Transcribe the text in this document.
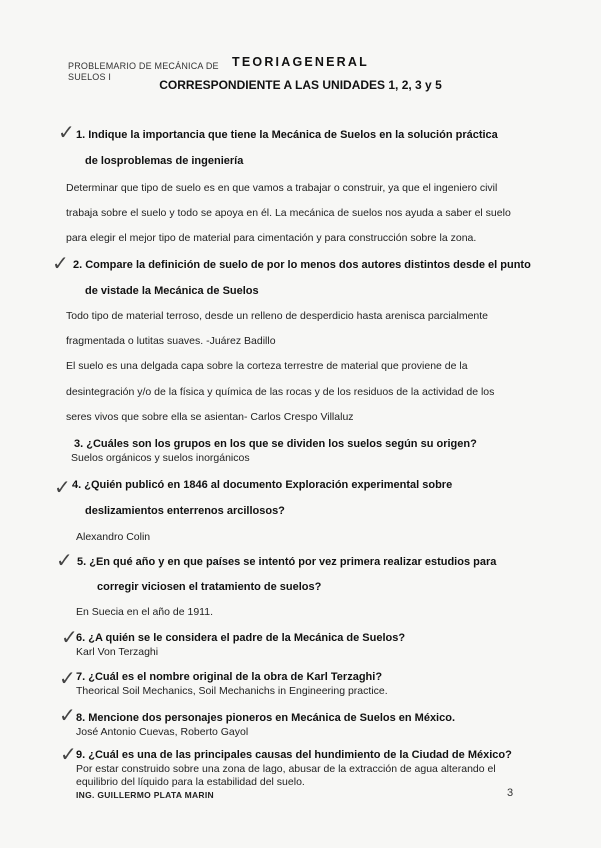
PROBLEMARIO DE MECÁNICA DE
SUELOS I
TEORIAGENERAL
CORRESPONDIENTE A LAS UNIDADES 1, 2, 3 y 5
✓ 1. Indique la importancia que tiene la Mecánica de Suelos en la solución práctica
de losproblemas de ingeniería
Determinar que tipo de suelo es en que vamos a trabajar o construir, ya que el ingeniero civil
trabaja sobre el suelo y todo se apoya en él. La mecánica de suelos nos ayuda a saber el suelo
para elegir el mejor tipo de material para cimentación y para construcción sobre la zona.
✓ 2. Compare la definición de suelo de por lo menos dos autores distintos desde el punto
de vistade la Mecánica de Suelos
Todo tipo de material terroso, desde un relleno de desperdicio hasta arenisca parcialmente
fragmentada o lutitas suaves. -Juárez Badillo
El suelo es una delgada capa sobre la corteza terrestre de material que proviene de la
desintegración y/o de la física y química de las rocas y de los residuos de la actividad de los
seres vivos que sobre ella se asientan- Carlos Crespo Villaluz
3. ¿Cuáles son los grupos en los que se dividen los suelos según su origen?
Suelos orgánicos y suelos inorgánicos
✓ 4. ¿Quién publicó en 1846 al documento Exploración experimental sobre
deslizamientos enterrenos arcillosos?
Alexandro Colin
✓ 5. ¿En qué año y en que países se intentó por vez primera realizar estudios para
corregir viciosen el tratamiento de suelos?
En Suecia en el año de 1911.
✓
6. ¿A quién se le considera el padre de la Mecánica de Suelos?
Karl Von Terzaghi
✓ 7. ¿Cuál es el nombre original de la obra de Karl Terzaghi?
Theorical Soil Mechanics, Soil Mechanichs in Engineering practice.
✓ 8. Mencione dos personajes pioneros en Mecánica de Suelos en México.
José Antonio Cuevas, Roberto Gayol
✓ 9. ¿Cuál es una de las principales causas del hundimiento de la Ciudad de México?
Por estar construido sobre una zona de lago, abusar de la extracción de agua alterando el
equilibrio del líquido para la estabilidad del suelo.
ING. GUILLERMO PLATA MARIN	3
